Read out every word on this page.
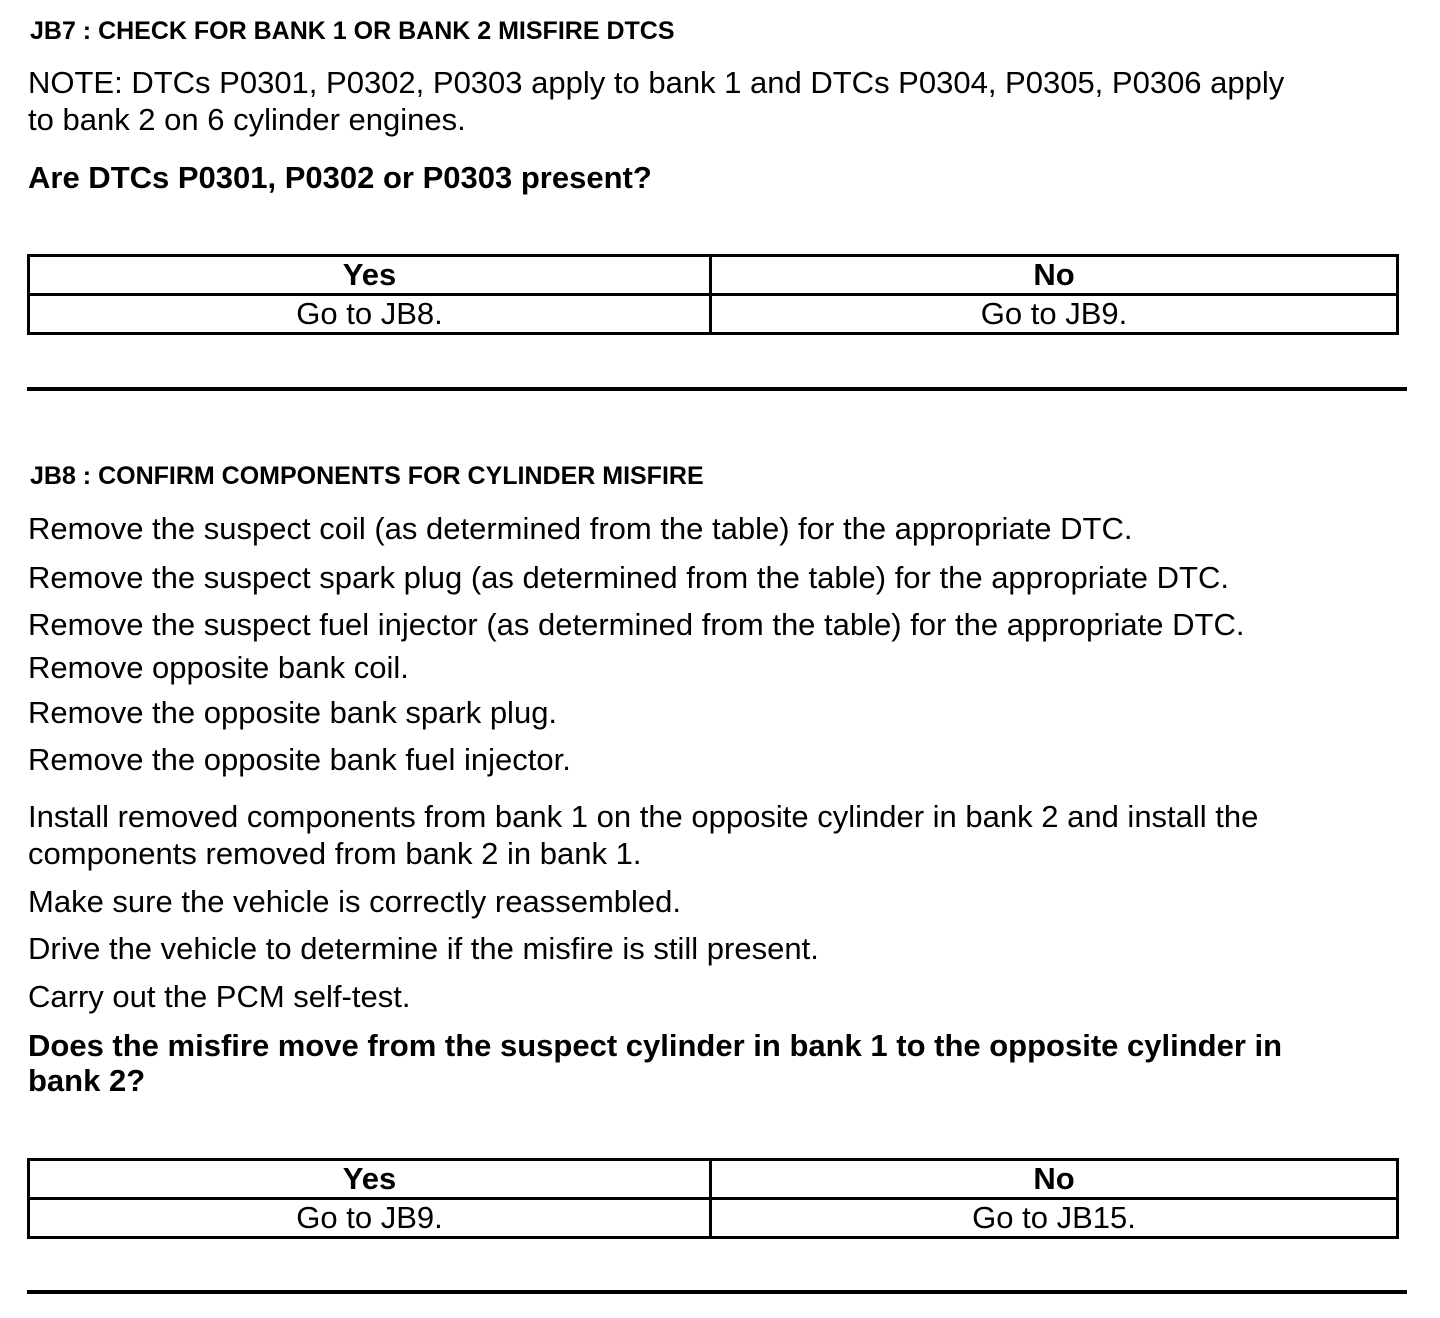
JB7 : CHECK FOR BANK 1 OR BANK 2 MISFIRE DTCS
NOTE: DTCs P0301, P0302, P0303 apply to bank 1 and DTCs P0304, P0305, P0306 apply
to bank 2 on 6 cylinder engines.
Are DTCs P0301, P0302 or P0303 present?
Yes	No
Go to JB8.	Go to JB9.
JB8 : CONFIRM COMPONENTS FOR CYLINDER MISFIRE
Remove the suspect coil (as determined from the table) for the appropriate DTC.
Remove the suspect spark plug (as determined from the table) for the appropriate DTC.
Remove the suspect fuel injector (as determined from the table) for the appropriate DTC.
Remove opposite bank coil.
Remove the opposite bank spark plug.
Remove the opposite bank fuel injector.
Install removed components from bank 1 on the opposite cylinder in bank 2 and install the
components removed from bank 2 in bank 1.
Make sure the vehicle is correctly reassembled.
Drive the vehicle to determine if the misfire is still present.
Carry out the PCM self-test.
Does the misfire move from the suspect cylinder in bank 1 to the opposite cylinder in
bank 2?
Yes	No
Go to JB9.	Go to JB15.
